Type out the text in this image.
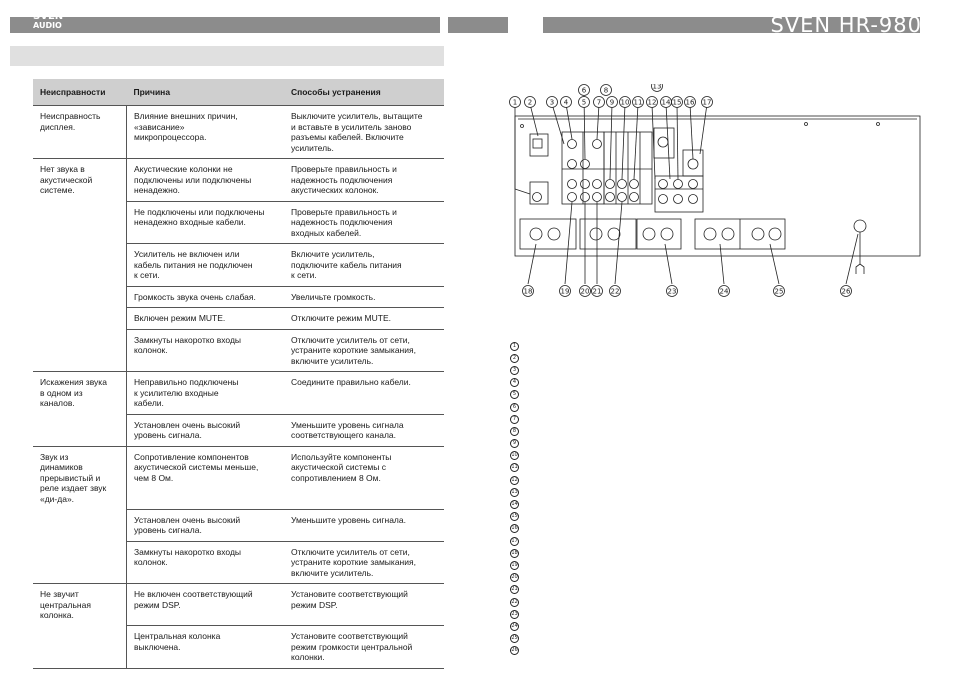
SVEN
AUDIO	SVEN HR-980
Неисправности	Причина	Способы устранения
Неисправность
дисплея.	Влияние внешних причин,
«зависание»
микропроцессора.	Выключите усилитель, вытащите
и вставьте в усилитель заново
разъемы кабелей. Включите
усилитель.
Нет звука в
акустической
системе.	Акустические колонки не
подключены или подключены
ненадежно.	Проверьте правильность и
надежность подключения
акустических колонок.
	Не подключены или подключены
ненадежно входные кабели.	Проверьте правильность и
надежность подключения
входных кабелей.
	Усилитель не включен или
кабель питания не подключен
к сети.	Включите усилитель,
подключите кабель питания
к сети.
	Громкость звука очень слабая.	Увеличьте громкость.
	Включен режим MUTE.	Отключите режим MUTE.
	Замкнуты накоротко входы
колонок.	Отключите усилитель от сети,
устраните короткие замыкания,
включите усилитель.
Искажения звука
в одном из
каналов.	Неправильно подключены
к усилителю входные
кабели.	Соедините правильно кабели.
	Установлен очень высокий
уровень сигнала.	Уменьшите уровень сигнала
соответствующего канала.
Звук из
динамиков
прерывистый и
реле издает звук
«ди-да».	Сопротивление компонентов
акустической системы меньше,
чем 8 Ом.	Используйте компоненты
акустической системы с
сопротивлением 8 Ом.
	Установлен очень высокий
уровень сигнала.	Уменьшите уровень сигнала.
	Замкнуты накоротко входы
колонок.	Отключите усилитель от сети,
устраните короткие замыкания,
включите усилитель.
Не звучит
центральная
колонка.	Не включен соответствующий
режим DSP.	Установите соответствующий
режим DSP.
	Центральная колонка
выключена.	Установите соответствующий
режим громкости центральной
колонки.
1 2	3 4 5
6
7
8
9 10 11 12
13
14 15 16 17
18	19 20 21 22	23	24	25	26
1
2
3
4
5
6
7
8
9
10
11
12
13
14
15
16
17
18
19
20
21
22
23
24
25
26
